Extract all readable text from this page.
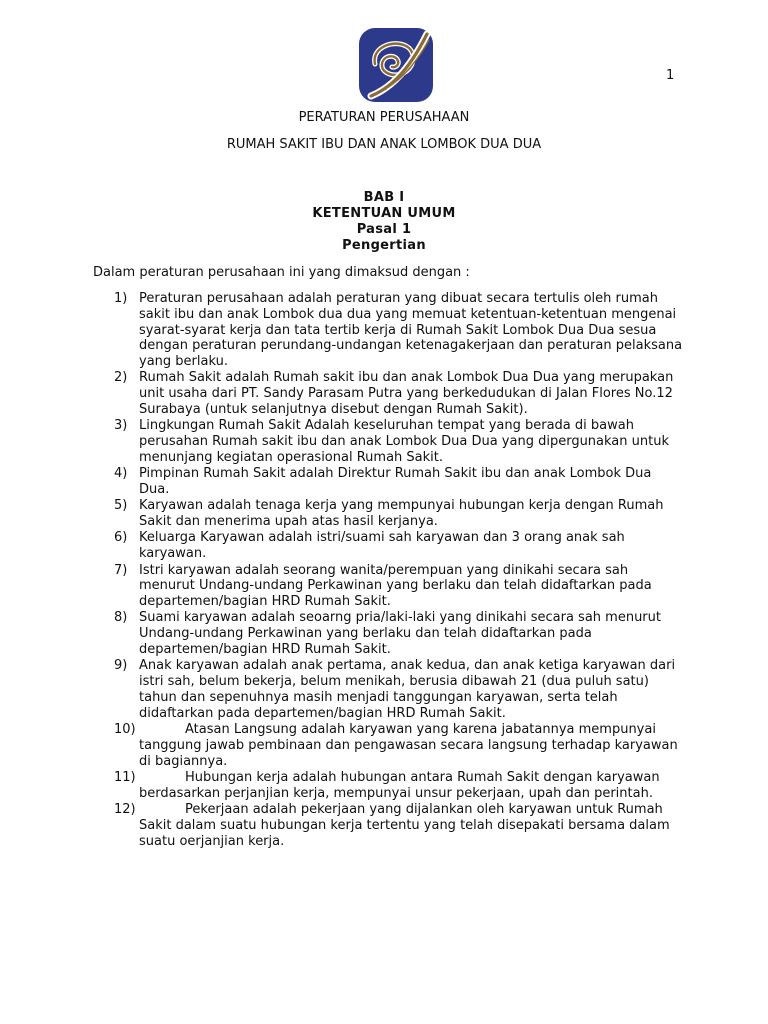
1
PERATURAN PERUSAHAAN
RUMAH SAKIT IBU DAN ANAK LOMBOK DUA DUA
BAB I
KETENTUAN UMUM
Pasal 1
Pengertian
Dalam peraturan perusahaan ini yang dimaksud dengan :
1) Peraturan perusahaan adalah peraturan yang dibuat secara tertulis oleh rumah sakit ibu dan anak Lombok dua dua yang memuat ketentuan-ketentuan mengenai syarat-syarat kerja dan tata tertib kerja di Rumah Sakit Lombok Dua Dua sesua dengan peraturan perundang-undangan ketenagakerjaan dan peraturan pelaksana yang berlaku.
2) Rumah Sakit adalah Rumah sakit ibu dan anak Lombok Dua Dua yang merupakan unit usaha dari PT. Sandy Parasam Putra yang berkedudukan di Jalan Flores No.12 Surabaya (untuk selanjutnya disebut dengan Rumah Sakit).
3) Lingkungan Rumah Sakit Adalah keseluruhan tempat yang berada di bawah perusahan Rumah sakit ibu dan anak Lombok Dua Dua yang dipergunakan untuk menunjang kegiatan operasional Rumah Sakit.
4) Pimpinan Rumah Sakit adalah Direktur Rumah Sakit ibu dan anak Lombok Dua Dua.
5) Karyawan adalah tenaga kerja yang mempunyai hubungan kerja dengan Rumah Sakit dan menerima upah atas hasil kerjanya.
6) Keluarga Karyawan adalah istri/suami sah karyawan dan 3 orang anak sah karyawan.
7) Istri karyawan adalah seorang wanita/perempuan yang dinikahi secara sah menurut Undang-undang Perkawinan yang berlaku dan telah didaftarkan pada departemen/bagian HRD Rumah Sakit.
8) Suami karyawan adalah seoarng pria/laki-laki yang dinikahi secara sah menurut Undang-undang Perkawinan yang berlaku dan telah didaftarkan pada departemen/bagian HRD Rumah Sakit.
9) Anak karyawan adalah anak pertama, anak kedua, dan anak ketiga karyawan dari istri sah, belum bekerja, belum menikah, berusia dibawah 21 (dua puluh satu) tahun dan sepenuhnya masih menjadi tanggungan karyawan, serta telah didaftarkan pada departemen/bagian HRD Rumah Sakit.
10)	Atasan Langsung adalah karyawan yang karena jabatannya mempunyai tanggung jawab pembinaan dan pengawasan secara langsung terhadap karyawan di bagiannya.
11)	Hubungan kerja adalah hubungan antara Rumah Sakit dengan karyawan berdasarkan perjanjian kerja, mempunyai unsur pekerjaan, upah dan perintah.
12)	Pekerjaan adalah pekerjaan yang dijalankan oleh karyawan untuk Rumah Sakit dalam suatu hubungan kerja tertentu yang telah disepakati bersama dalam suatu oerjanjian kerja.
